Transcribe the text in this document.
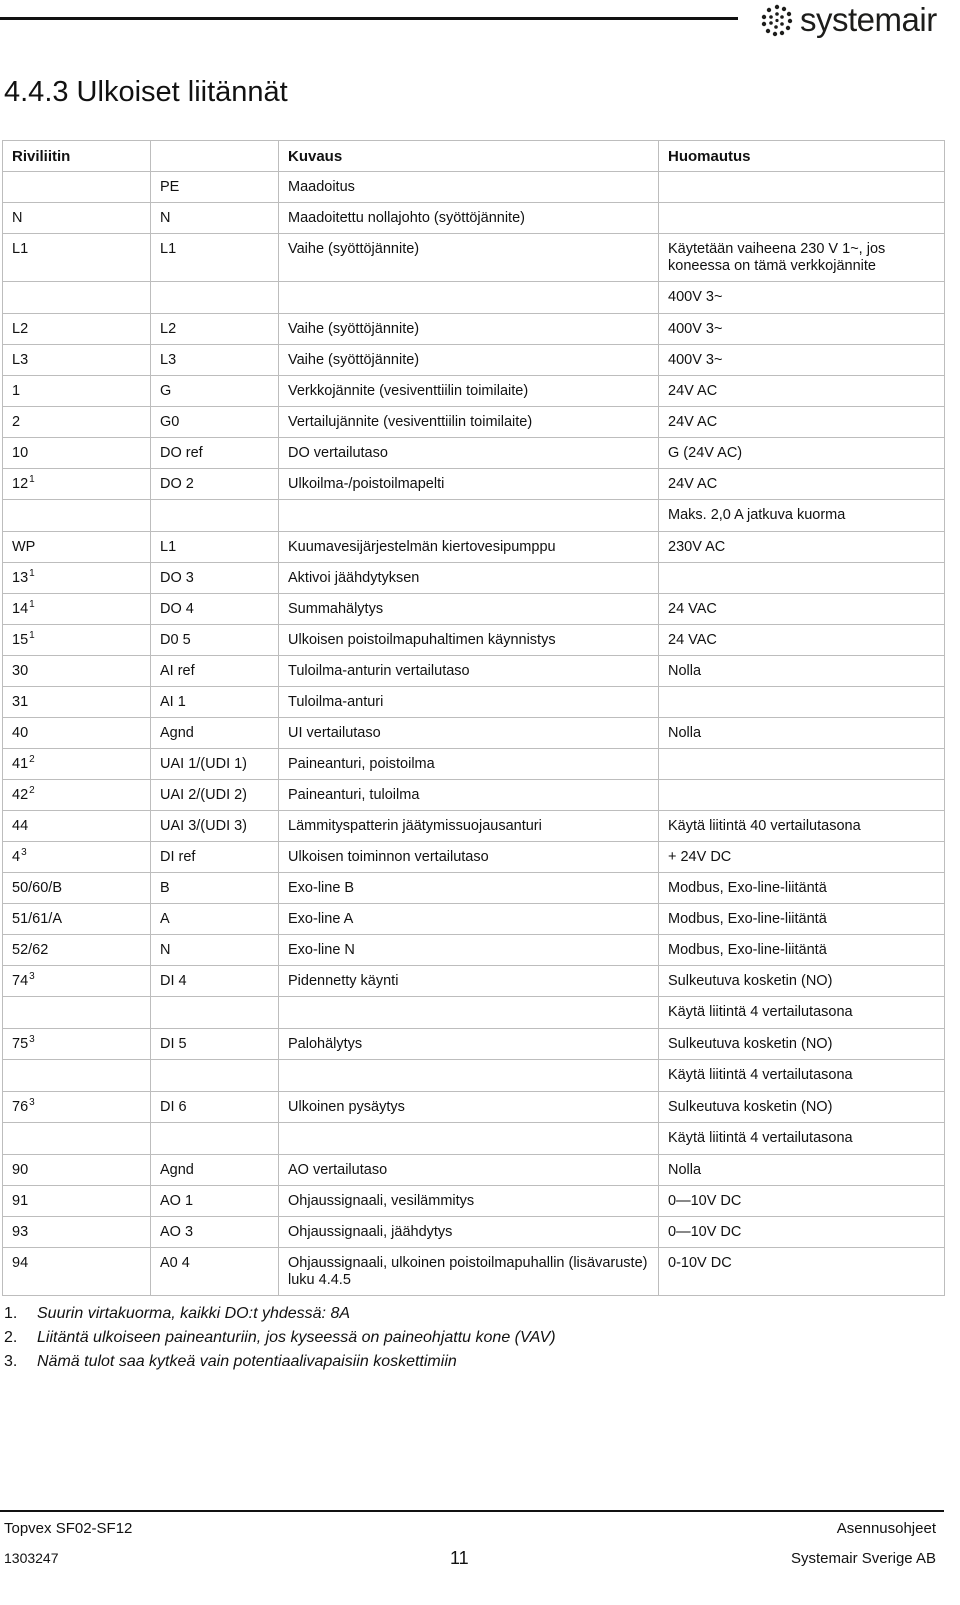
systemair
4.4.3 Ulkoiset liitännät
Riviliitin		Kuvaus	Huomautus
	PE	Maadoitus	
N	N	Maadoitettu nollajohto (syöttöjännite)	
L1	L1	Vaihe (syöttöjännite)	Käytetään vaiheena 230 V 1~, jos koneessa on tämä verkkojännite
			400V 3~
L2	L2	Vaihe (syöttöjännite)	400V 3~
L3	L3	Vaihe (syöttöjännite)	400V 3~
1	G	Verkkojännite (vesiventtiilin toimilaite)	24V AC
2	G0	Vertailujännite (vesiventtiilin toimilaite)	24V AC
10	DO ref	DO vertailutaso	G (24V AC)
$12^1$	DO 2	Ulkoilma-/poistoilmapelti	24V AC
			Maks. 2,0 A jatkuva kuorma
WP	L1	Kuumavesijärjestelmän kiertovesipumppu	230V AC
$13^1$	DO 3	Aktivoi jäähdytyksen	
$14^1$	DO 4	Summahälytys	24 VAC
$15^1$	D0 5	Ulkoisen poistoilmapuhaltimen käynnistys	24 VAC
30	AI ref	Tuloilma-anturin vertailutaso	Nolla
31	AI 1	Tuloilma-anturi	
40	Agnd	UI vertailutaso	Nolla
$41^2$	UAI 1/(UDI 1)	Paineanturi, poistoilma	
$42^2$	UAI 2/(UDI 2)	Paineanturi, tuloilma	
44	UAI 3/(UDI 3)	Lämmityspatterin jäätymissuojausanturi	Käytä liitintä 40 vertailutasona
$4^3$	DI ref	Ulkoisen toiminnon vertailutaso	+ 24V DC
50/60/B	B	Exo-line B	Modbus, Exo-line-liitäntä
51/61/A	A	Exo-line A	Modbus, Exo-line-liitäntä
52/62	N	Exo-line N	Modbus, Exo-line-liitäntä
$74^3$	DI 4	Pidennetty käynti	Sulkeutuva kosketin (NO)
			Käytä liitintä 4 vertailutasona
$75^3$	DI 5	Palohälytys	Sulkeutuva kosketin (NO)
			Käytä liitintä 4 vertailutasona
$76^3$	DI 6	Ulkoinen pysäytys	Sulkeutuva kosketin (NO)
			Käytä liitintä 4 vertailutasona
90	Agnd	AO vertailutaso	Nolla
91	AO 1	Ohjaussignaali, vesilämmitys	0—10V DC
93	AO 3	Ohjaussignaali, jäähdytys	0—10V DC
94	A0 4	Ohjaussignaali, ulkoinen poistoilmapuhallin (lisävaruste) luku 4.4.5	0-10V DC
1. Suurin virtakuorma, kaikki DO:t yhdessä: 8A
2. Liitäntä ulkoiseen paineanturiin, jos kyseessä on paineohjattu kone (VAV)
3. Nämä tulot saa kytkeä vain potentiaalivapaisiin koskettimiin
Topvex SF02-SF12
1303247	11
Asennusohjeet
Systemair Sverige AB
